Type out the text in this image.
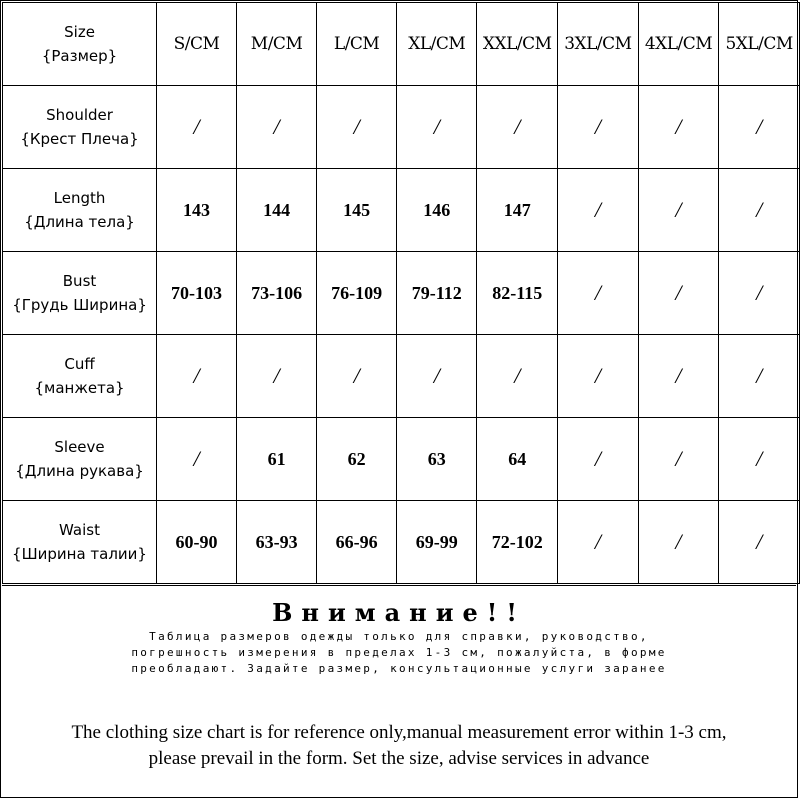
Size
{Размер}	S/CM	M/CM	L/CM	XL/CM	XXL/CM	3XL/CM	4XL/CM	5XL/CM

Shoulder
{Крест Плеча}	/	/	/	/	/	/	/	/

Length
{Длина тела}	143	144	145	146	147	/	/	/

Bust
{Грудь Ширина}	70-103	73-106	76-109	79-112	82-115	/	/	/

Cuff
{манжета}	/	/	/	/	/	/	/	/

Sleeve
{Длина рукава}	/	61	62	63	64	/	/	/

Waist
{Ширина талии}	60-90	63-93	66-96	69-99	72-102	/	/	/
Внимание!!
Таблица размеров одежды только для справки, руководство,
погрешность измерения в пределах 1-3 см, пожалуйста, в форме
преобладают. Задайте размер, консультационные услуги заранее
The clothing size chart is for reference only,manual measurement error within 1-3 cm,
please prevail in the form. Set the size, advise services in advance
